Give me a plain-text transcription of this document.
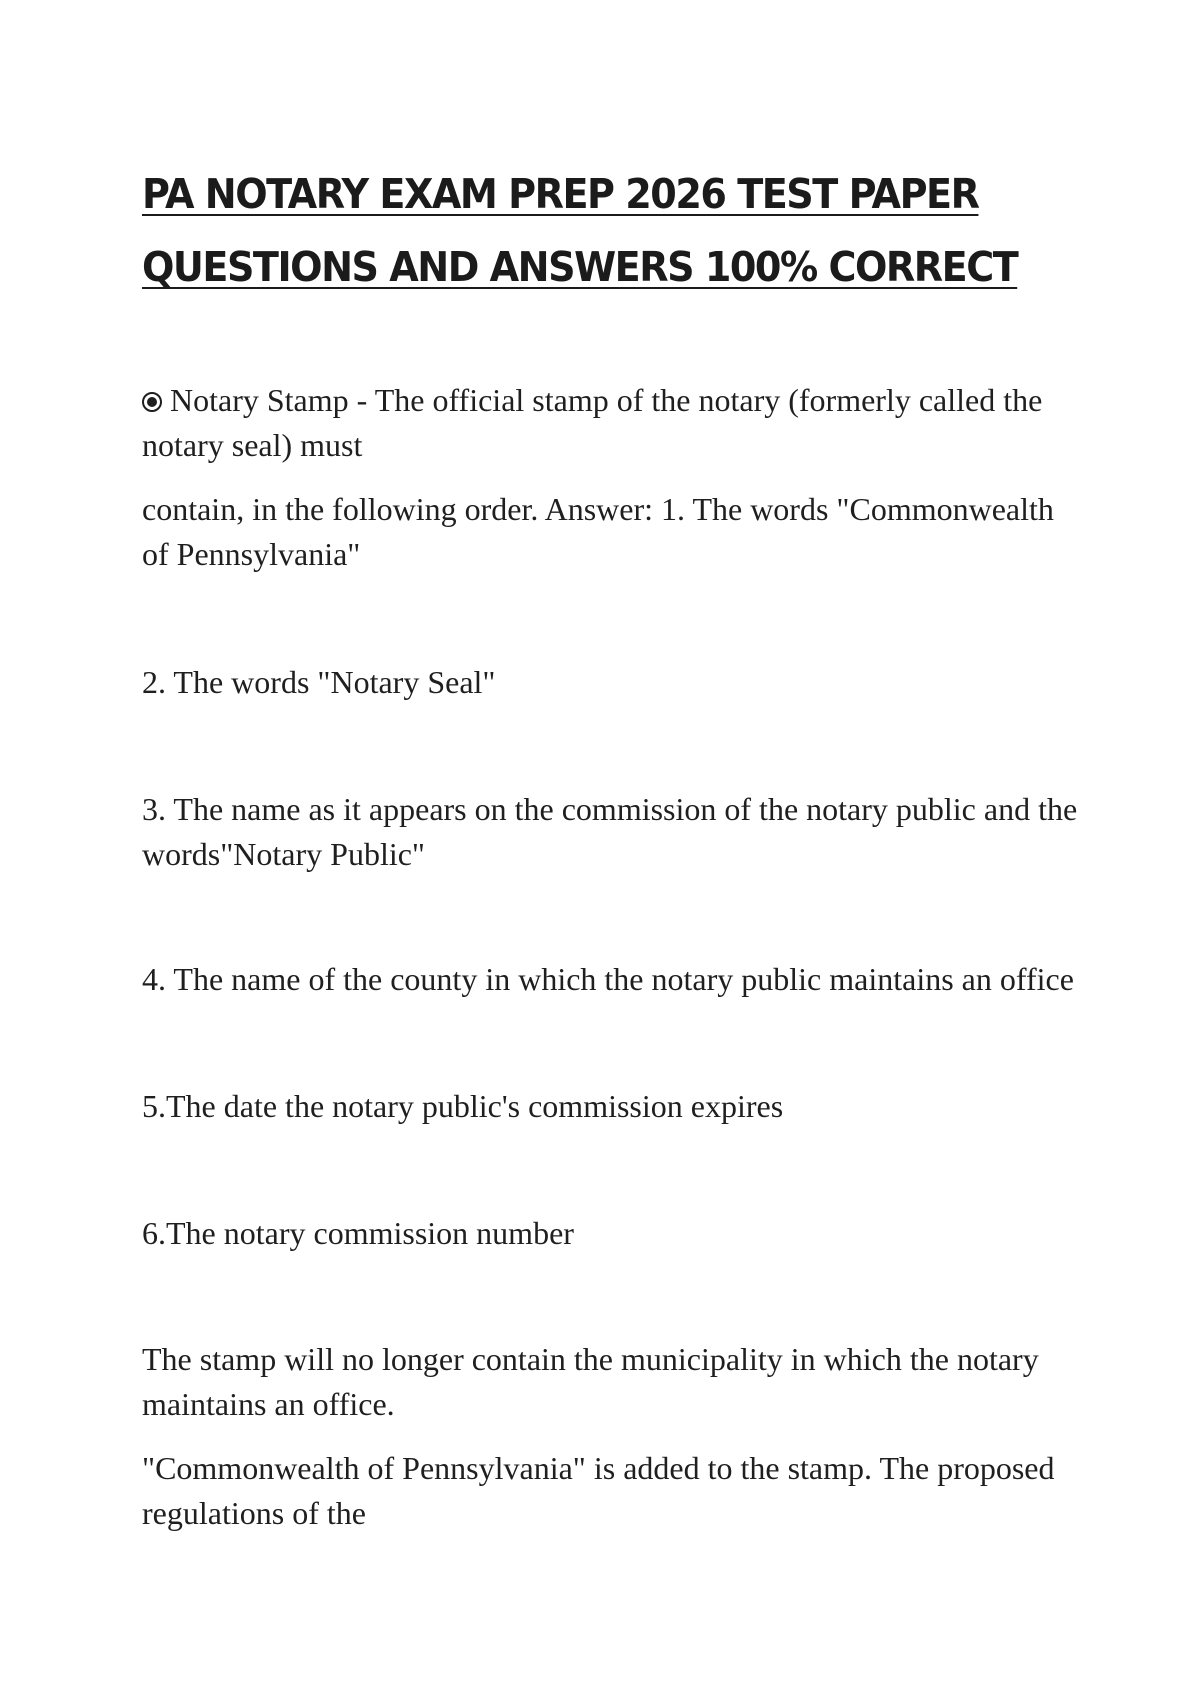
PA NOTARY EXAM PREP 2026 TEST PAPER
QUESTIONS AND ANSWERS 100% CORRECT

Notary Stamp - The official stamp of the notary (formerly called the notary seal) must

contain, in the following order. Answer: 1. The words "Commonwealth of Pennsylvania"

2. The words "Notary Seal"

3. The name as it appears on the commission of the notary public and the words"Notary Public"

4. The name of the county in which the notary public maintains an office

5.The date the notary public's commission expires

6.The notary commission number

The stamp will no longer contain the municipality in which the notary maintains an office.

"Commonwealth of Pennsylvania" is added to the stamp. The proposed regulations of the
